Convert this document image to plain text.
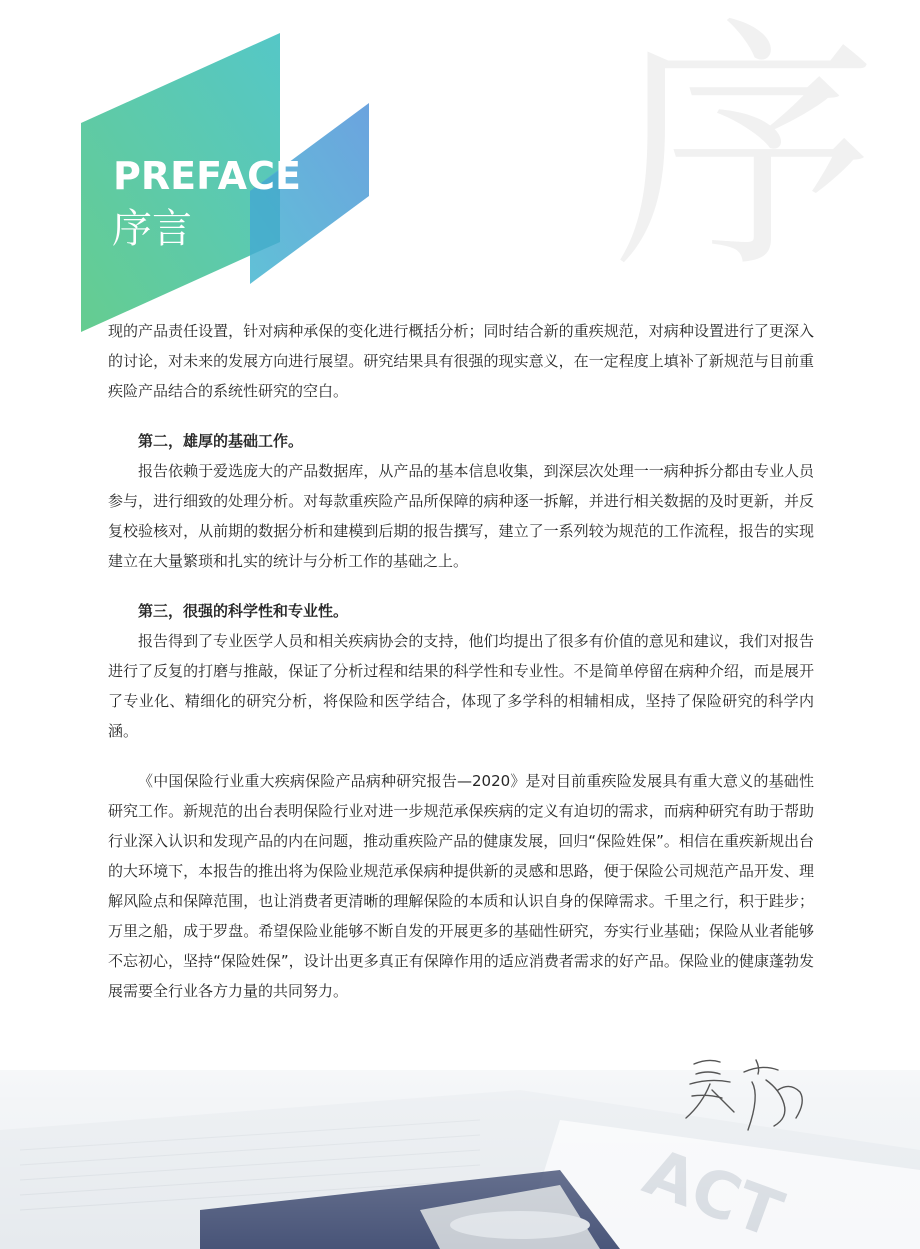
序
PREFACE
序言

现的产品责任设置，针对病种承保的变化进行概括分析；同时结合新的重疾规范，对病种设置进行了更深入的讨论，对未来的发展方向进行展望。研究结果具有很强的现实意义，在一定程度上填补了新规范与目前重疾险产品结合的系统性研究的空白。

第二，雄厚的基础工作。

报告依赖于爱选庞大的产品数据库，从产品的基本信息收集，到深层次处理一一病种拆分都由专业人员参与，进行细致的处理分析。对每款重疾险产品所保障的病种逐一拆解，并进行相关数据的及时更新，并反复校验核对，从前期的数据分析和建模到后期的报告撰写，建立了一系列较为规范的工作流程，报告的实现建立在大量繁琐和扎实的统计与分析工作的基础之上。

第三，很强的科学性和专业性。

报告得到了专业医学人员和相关疾病协会的支持，他们均提出了很多有价值的意见和建议，我们对报告进行了反复的打磨与推敲，保证了分析过程和结果的科学性和专业性。不是简单停留在病种介绍，而是展开了专业化、精细化的研究分析，将保险和医学结合，体现了多学科的相辅相成，坚持了保险研究的科学内涵。

《中国保险行业重大疾病保险产品病种研究报告—2020》是对目前重疾险发展具有重大意义的基础性研究工作。新规范的出台表明保险行业对进一步规范承保疾病的定义有迫切的需求，而病种研究有助于帮助行业深入认识和发现产品的内在问题，推动重疾险产品的健康发展，回归“保险姓保”。相信在重疾新规出台的大环境下，本报告的推出将为保险业规范承保病种提供新的灵感和思路，便于保险公司规范产品开发、理解风险点和保障范围，也让消费者更清晰的理解保险的本质和认识自身的保障需求。千里之行，积于跬步；万里之船，成于罗盘。希望保险业能够不断自发的开展更多的基础性研究，夯实行业基础；保险从业者能够不忘初心，坚持“保险姓保”，设计出更多真正有保障作用的适应消费者需求的好产品。保险业的健康蓬勃发展需要全行业各方力量的共同努力。
